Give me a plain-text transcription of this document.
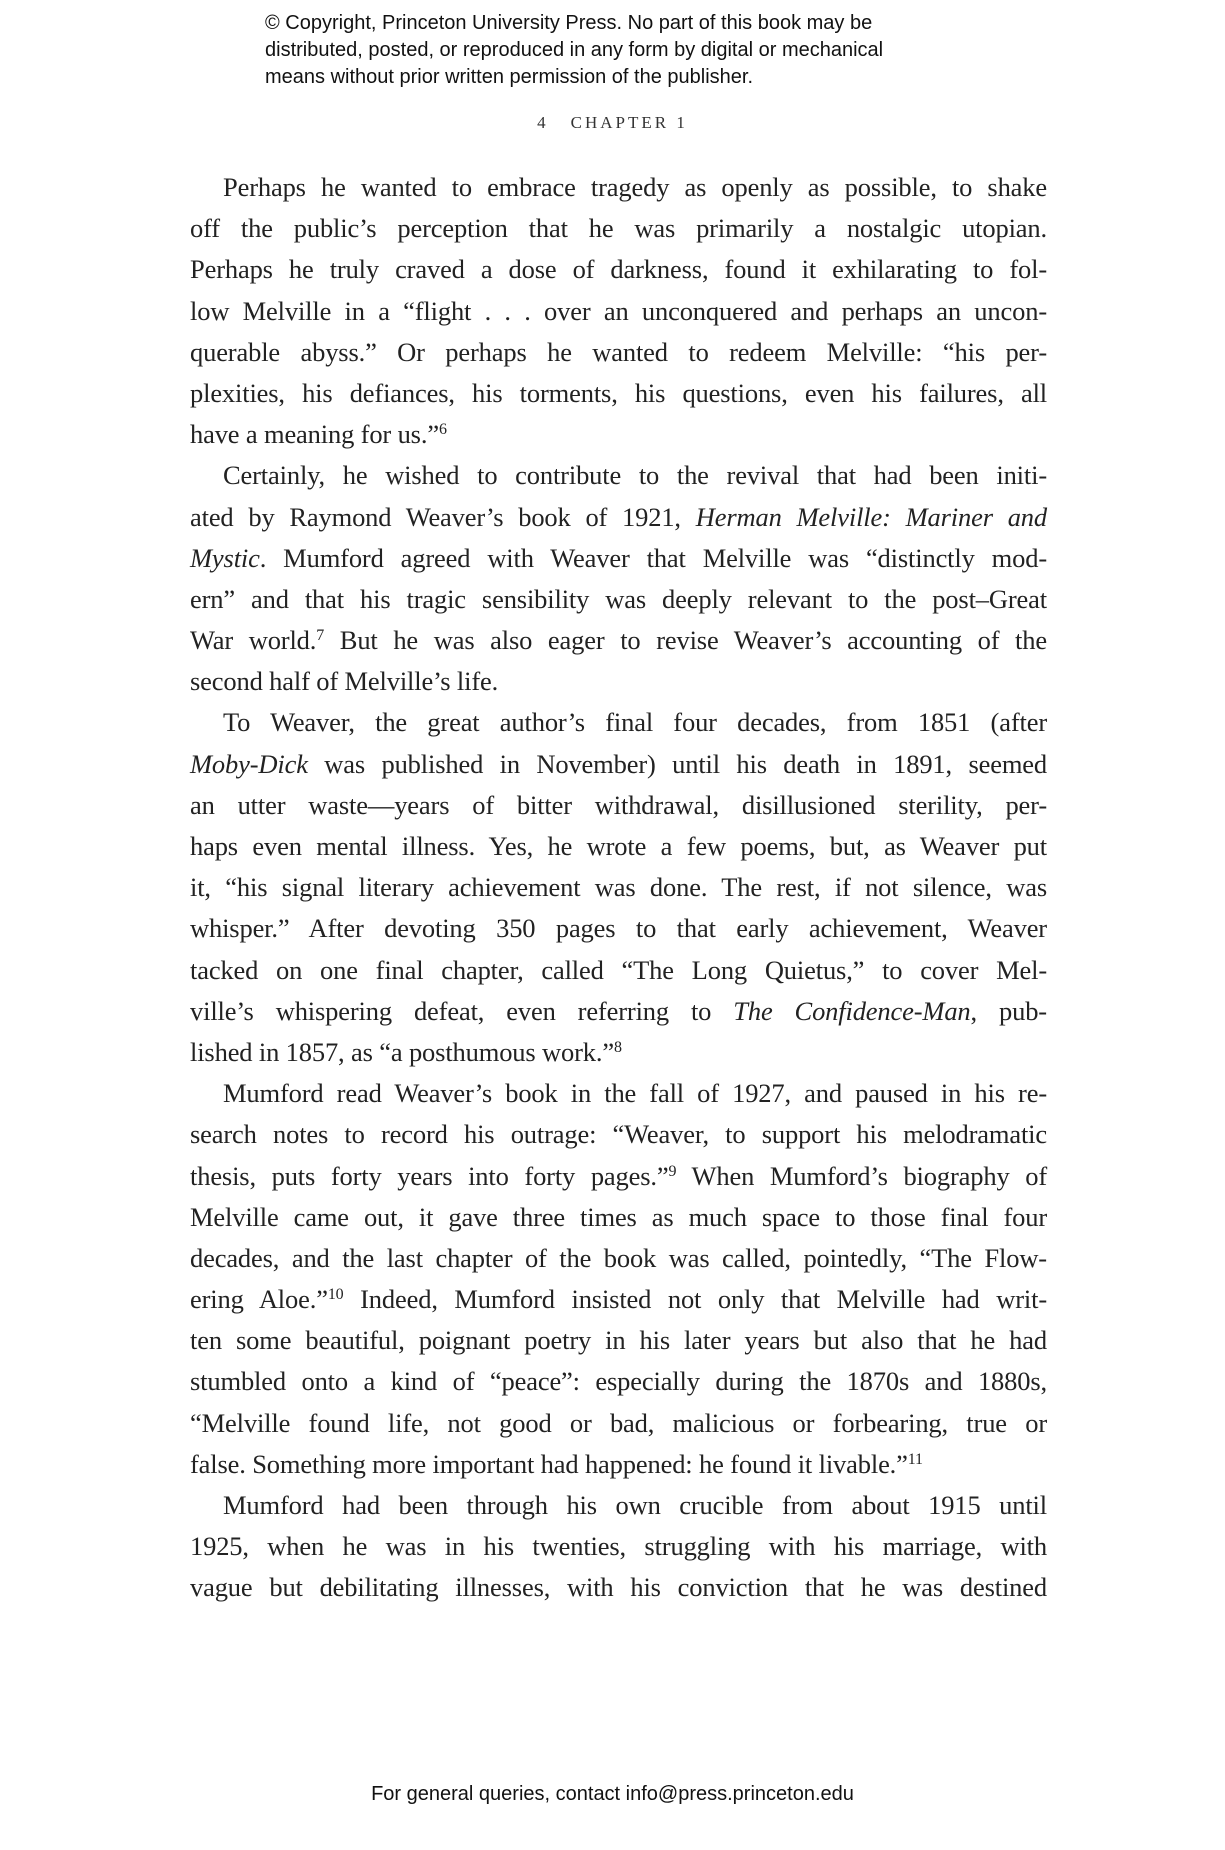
© Copyright, Princeton University Press. No part of this book may be
distributed, posted, or reproduced in any form by digital or mechanical
means without prior written permission of the publisher.
4 CHAPTER 1
Perhaps he wanted to embrace tragedy as openly as possible, to shake
off the public’s perception that he was primarily a nostalgic utopian.
Perhaps he truly craved a dose of darkness, found it exhilarating to fol-
low Melville in a “flight . . . over an unconquered and perhaps an uncon-
querable abyss.” Or perhaps he wanted to redeem Melville: “his per-
plexities, his defiances, his torments, his questions, even his failures, all
have a meaning for us.”$^6$
Certainly, he wished to contribute to the revival that had been initi-
ated by Raymond Weaver’s book of 1921, Herman Melville: Mariner and
Mystic. Mumford agreed with Weaver that Melville was “distinctly mod-
ern” and that his tragic sensibility was deeply relevant to the post–Great
War world.$^7$ But he was also eager to revise Weaver’s accounting of the
second half of Melville’s life.
To Weaver, the great author’s final four decades, from 1851 (after
Moby-Dick was published in November) until his death in 1891, seemed
an utter waste—years of bitter withdrawal, disillusioned sterility, per-
haps even mental illness. Yes, he wrote a few poems, but, as Weaver put
it, “his signal literary achievement was done. The rest, if not silence, was
whisper.” After devoting 350 pages to that early achievement, Weaver
tacked on one final chapter, called “The Long Quietus,” to cover Mel-
ville’s whispering defeat, even referring to The Confidence-Man, pub-
lished in 1857, as “a posthumous work.”$^8$
Mumford read Weaver’s book in the fall of 1927, and paused in his re-
search notes to record his outrage: “Weaver, to support his melodramatic
thesis, puts forty years into forty pages.”$^9$ When Mumford’s biography of
Melville came out, it gave three times as much space to those final four
decades, and the last chapter of the book was called, pointedly, “The Flow-
ering Aloe.”$^{10}$ Indeed, Mumford insisted not only that Melville had writ-
ten some beautiful, poignant poetry in his later years but also that he had
stumbled onto a kind of “peace”: especially during the 1870s and 1880s,
“Melville found life, not good or bad, malicious or forbearing, true or
false. Something more important had happened: he found it livable.”$^{11}$
Mumford had been through his own crucible from about 1915 until
1925, when he was in his twenties, struggling with his marriage, with
vague but debilitating illnesses, with his conviction that he was destined
For general queries, contact info@press.princeton.edu
